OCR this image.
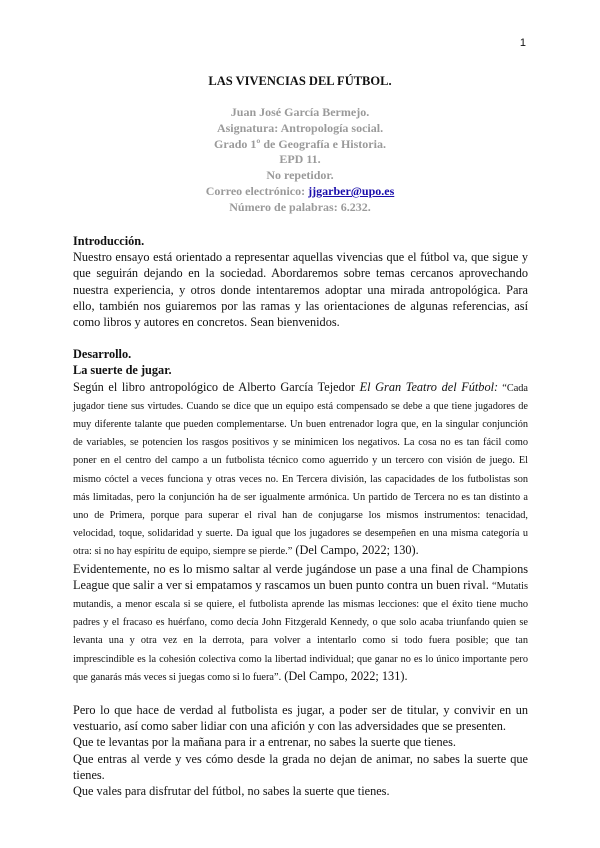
1
LAS VIVENCIAS DEL FÚTBOL.
Juan José García Bermejo.
Asignatura: Antropología social.
Grado 1º de Geografía e Historia.
EPD 11.
No repetidor.
Correo electrónico: jjgarber@upo.es
Número de palabras: 6.232.

Introducción.

Nuestro ensayo está orientado a representar aquellas vivencias que el fútbol va, que sigue y que seguirán dejando en la sociedad. Abordaremos sobre temas cercanos aprovechando nuestra experiencia, y otros donde intentaremos adoptar una mirada antropológica. Para ello, también nos guiaremos por las ramas y las orientaciones de algunas referencias, así como libros y autores en concretos. Sean bienvenidos.

Desarrollo.

La suerte de jugar.

Según el libro antropológico de Alberto García Tejedor El Gran Teatro del Fútbol: “Cada jugador tiene sus virtudes. Cuando se dice que un equipo está compensado se debe a que tiene jugadores de muy diferente talante que pueden complementarse. Un buen entrenador logra que, en la singular conjunción de variables, se potencien los rasgos positivos y se minimicen los negativos. La cosa no es tan fácil como poner en el centro del campo a un futbolista técnico como aguerrido y un tercero con visión de juego. El mismo cóctel a veces funciona y otras veces no. En Tercera división, las capacidades de los futbolistas son más limitadas, pero la conjunción ha de ser igualmente armónica. Un partido de Tercera no es tan distinto a uno de Primera, porque para superar el rival han de conjugarse los mismos instrumentos: tenacidad, velocidad, toque, solidaridad y suerte. Da igual que los jugadores se desempeñen en una misma categoría u otra: si no hay espíritu de equipo, siempre se pierde.” (Del Campo, 2022; 130).

Evidentemente, no es lo mismo saltar al verde jugándose un pase a una final de Champions League que salir a ver si empatamos y rascamos un buen punto contra un buen rival. “Mutatis mutandis, a menor escala si se quiere, el futbolista aprende las mismas lecciones: que el éxito tiene mucho padres y el fracaso es huérfano, como decía John Fitzgerald Kennedy, o que solo acaba triunfando quien se levanta una y otra vez en la derrota, para volver a intentarlo como si todo fuera posible; que tan imprescindible es la cohesión colectiva como la libertad individual; que ganar no es lo único importante pero que ganarás más veces si juegas como si lo fuera”. (Del Campo, 2022; 131).

Pero lo que hace de verdad al futbolista es jugar, a poder ser de titular, y convivir en un vestuario, así como saber lidiar con una afición y con las adversidades que se presenten.

Que te levantas por la mañana para ir a entrenar, no sabes la suerte que tienes.

Que entras al verde y ves cómo desde la grada no dejan de animar, no sabes la suerte que tienes.

Que vales para disfrutar del fútbol, no sabes la suerte que tienes.
